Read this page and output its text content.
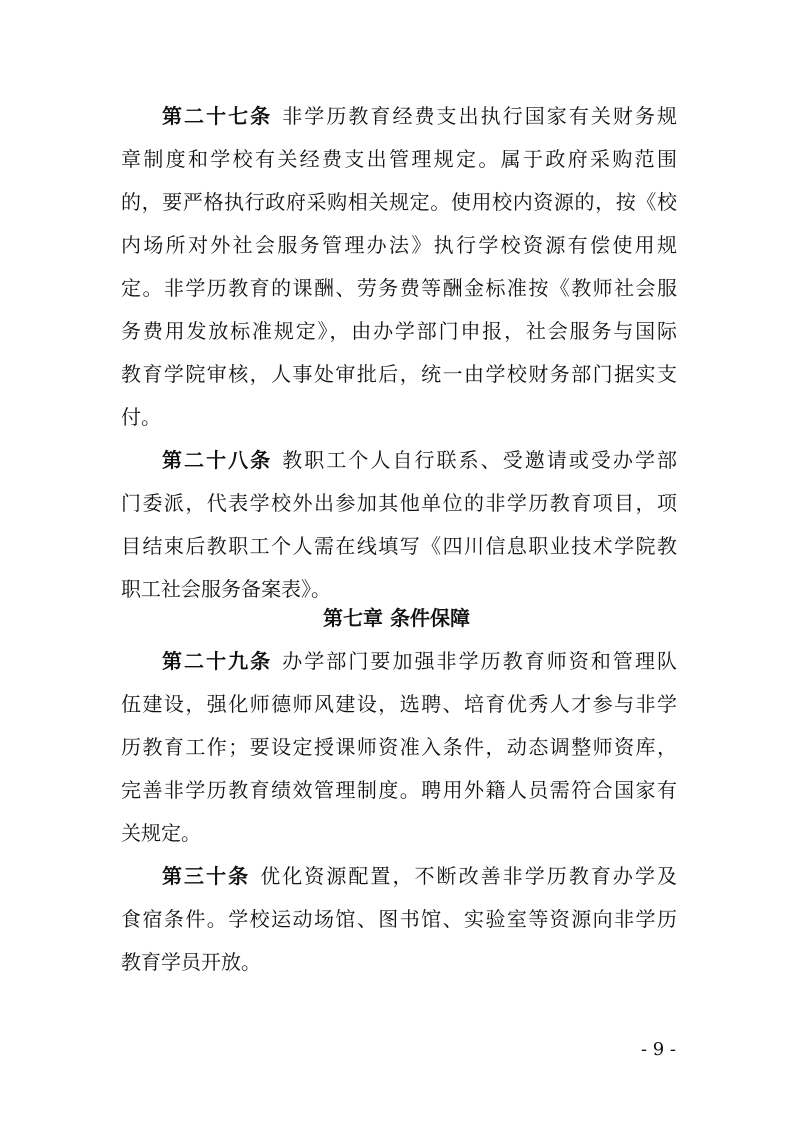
第二十七条 非学历教育经费支出执行国家有关财务规
章制度和学校有关经费支出管理规定。属于政府采购范围
的，要严格执行政府采购相关规定。使用校内资源的，按《校
内场所对外社会服务管理办法》执行学校资源有偿使用规
定。非学历教育的课酬、劳务费等酬金标准按《教师社会服
务费用发放标准规定》，由办学部门申报，社会服务与国际
教育学院审核，人事处审批后，统一由学校财务部门据实支
付。
第二十八条 教职工个人自行联系、受邀请或受办学部
门委派，代表学校外出参加其他单位的非学历教育项目，项
目结束后教职工个人需在线填写《四川信息职业技术学院教
职工社会服务备案表》。
第七章 条件保障
第二十九条 办学部门要加强非学历教育师资和管理队
伍建设，强化师德师风建设，选聘、培育优秀人才参与非学
历教育工作；要设定授课师资准入条件，动态调整师资库，
完善非学历教育绩效管理制度。聘用外籍人员需符合国家有
关规定。
第三十条 优化资源配置，不断改善非学历教育办学及
食宿条件。学校运动场馆、图书馆、实验室等资源向非学历
教育学员开放。
- 9 -
